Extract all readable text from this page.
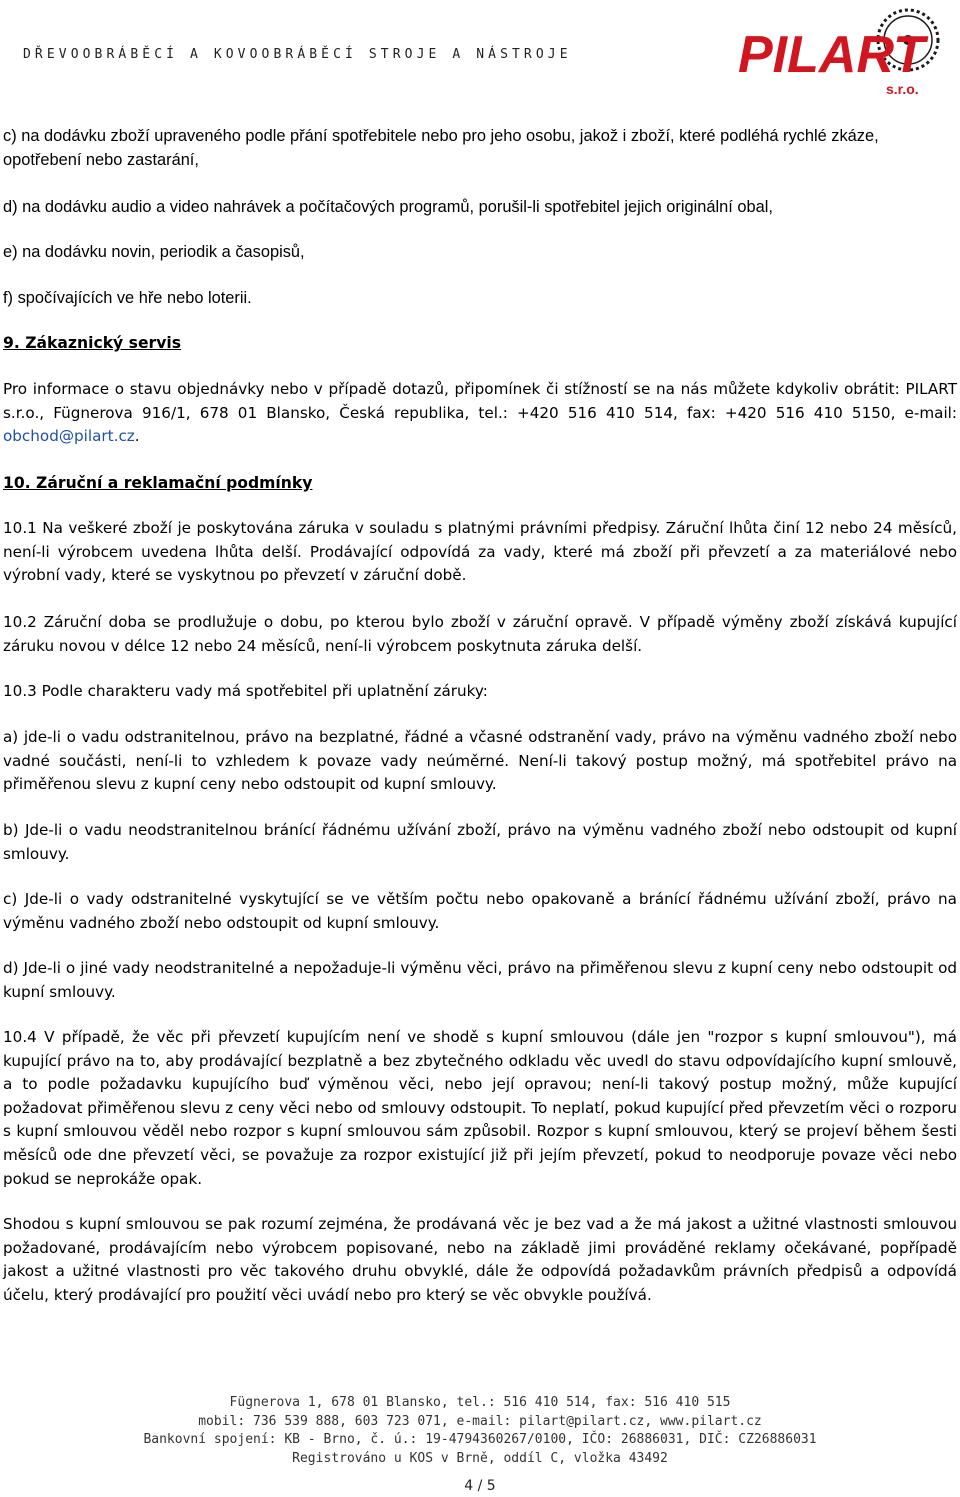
DŘEVOOBRÁBĚCÍ A KOVOOBRÁBĚCÍ STROJE A NÁSTROJE	PILART
s.r.o.
c) na dodávku zboží upraveného podle přání spotřebitele nebo pro jeho osobu, jakož i zboží, které podléhá rychlé zkáze, opotřebení nebo zastarání,
d) na dodávku audio a video nahrávek a počítačových programů, porušil-li spotřebitel jejich originální obal,
e) na dodávku novin, periodik a časopisů,
f) spočívajících ve hře nebo loterii.
9. Zákaznický servis
Pro informace o stavu objednávky nebo v případě dotazů, připomínek či stížností se na nás můžete kdykoliv obrátit: PILART s.r.o., Fügnerova 916/1, 678 01 Blansko, Česká republika, tel.: +420 516 410 514, fax: +420 516 410 5150, e-mail: obchod@pilart.cz.
10. Záruční a reklamační podmínky
10.1 Na veškeré zboží je poskytována záruka v souladu s platnými právními předpisy. Záruční lhůta činí 12 nebo 24 měsíců, není-li výrobcem uvedena lhůta delší. Prodávající odpovídá za vady, které má zboží při převzetí a za materiálové nebo výrobní vady, které se vyskytnou po převzetí v záruční době.
10.2 Záruční doba se prodlužuje o dobu, po kterou bylo zboží v záruční opravě. V případě výměny zboží získává kupující záruku novou v délce 12 nebo 24 měsíců, není-li výrobcem poskytnuta záruka delší.
10.3 Podle charakteru vady má spotřebitel při uplatnění záruky:
a) jde-li o vadu odstranitelnou, právo na bezplatné, řádné a včasné odstranění vady, právo na výměnu vadného zboží nebo vadné součásti, není-li to vzhledem k povaze vady neúměrné. Není-li takový postup možný, má spotřebitel právo na přiměřenou slevu z kupní ceny nebo odstoupit od kupní smlouvy.
b) Jde-li o vadu neodstranitelnou bránící řádnému užívání zboží, právo na výměnu vadného zboží nebo odstoupit od kupní smlouvy.
c) Jde-li o vady odstranitelné vyskytující se ve větším počtu nebo opakovaně a bránící řádnému užívání zboží, právo na výměnu vadného zboží nebo odstoupit od kupní smlouvy.
d) Jde-li o jiné vady neodstranitelné a nepožaduje-li výměnu věci, právo na přiměřenou slevu z kupní ceny nebo odstoupit od kupní smlouvy.
10.4 V případě, že věc při převzetí kupujícím není ve shodě s kupní smlouvou (dále jen "rozpor s kupní smlouvou"), má kupující právo na to, aby prodávající bezplatně a bez zbytečného odkladu věc uvedl do stavu odpovídajícího kupní smlouvě, a to podle požadavku kupujícího buď výměnou věci, nebo její opravou; není-li takový postup možný, může kupující požadovat přiměřenou slevu z ceny věci nebo od smlouvy odstoupit. To neplatí, pokud kupující před převzetím věci o rozporu s kupní smlouvou věděl nebo rozpor s kupní smlouvou sám způsobil. Rozpor s kupní smlouvou, který se projeví během šesti měsíců ode dne převzetí věci, se považuje za rozpor existující již při jejím převzetí, pokud to neodporuje povaze věci nebo pokud se neprokáže opak.
Shodou s kupní smlouvou se pak rozumí zejména, že prodávaná věc je bez vad a že má jakost a užitné vlastnosti smlouvou požadované, prodávajícím nebo výrobcem popisované, nebo na základě jimi prováděné reklamy očekávané, popřípadě jakost a užitné vlastnosti pro věc takového druhu obvyklé, dále že odpovídá požadavkům právních předpisů a odpovídá účelu, který prodávající pro použití věci uvádí nebo pro který se věc obvykle používá.
Fügnerova 1, 678 01 Blansko, tel.: 516 410 514, fax: 516 410 515
mobil: 736 539 888, 603 723 071, e-mail: pilart@pilart.cz, www.pilart.cz
Bankovní spojení: KB - Brno, č. ú.: 19-4794360267/0100, IČO: 26886031, DIČ: CZ26886031
Registrováno u KOS v Brně, oddíl C, vložka 43492
4 / 5
